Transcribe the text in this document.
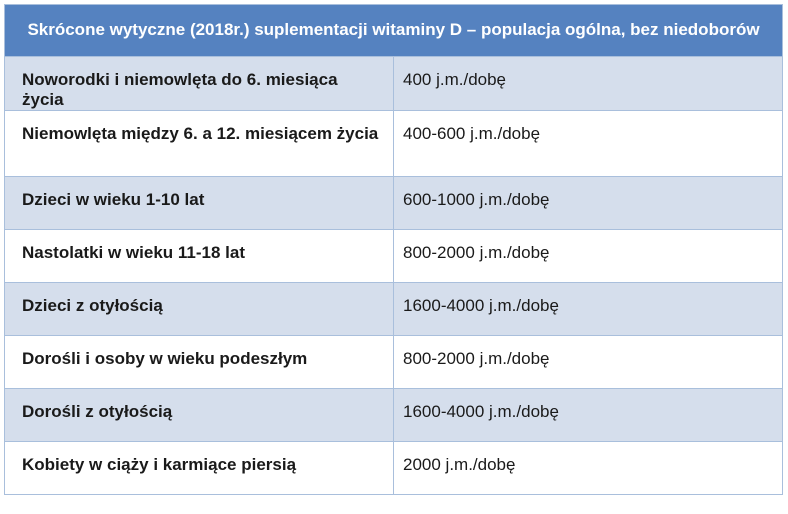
Skrócone wytyczne (2018r.) suplementacji witaminy D – populacja ogólna, bez niedoborów	
Noworodki i niemowlęta do 6. miesiąca życia	400 j.m./dobę
Niemowlęta między 6. a 12. miesiącem życia	400-600 j.m./dobę
Dzieci w wieku 1-10 lat	600-1000 j.m./dobę
Nastolatki w wieku 11-18 lat	800-2000 j.m./dobę
Dzieci z otyłością	1600-4000 j.m./dobę
Dorośli i osoby w wieku podeszłym	800-2000 j.m./dobę
Dorośli z otyłością	1600-4000 j.m./dobę
Kobiety w ciąży i karmiące piersią	2000 j.m./dobę
